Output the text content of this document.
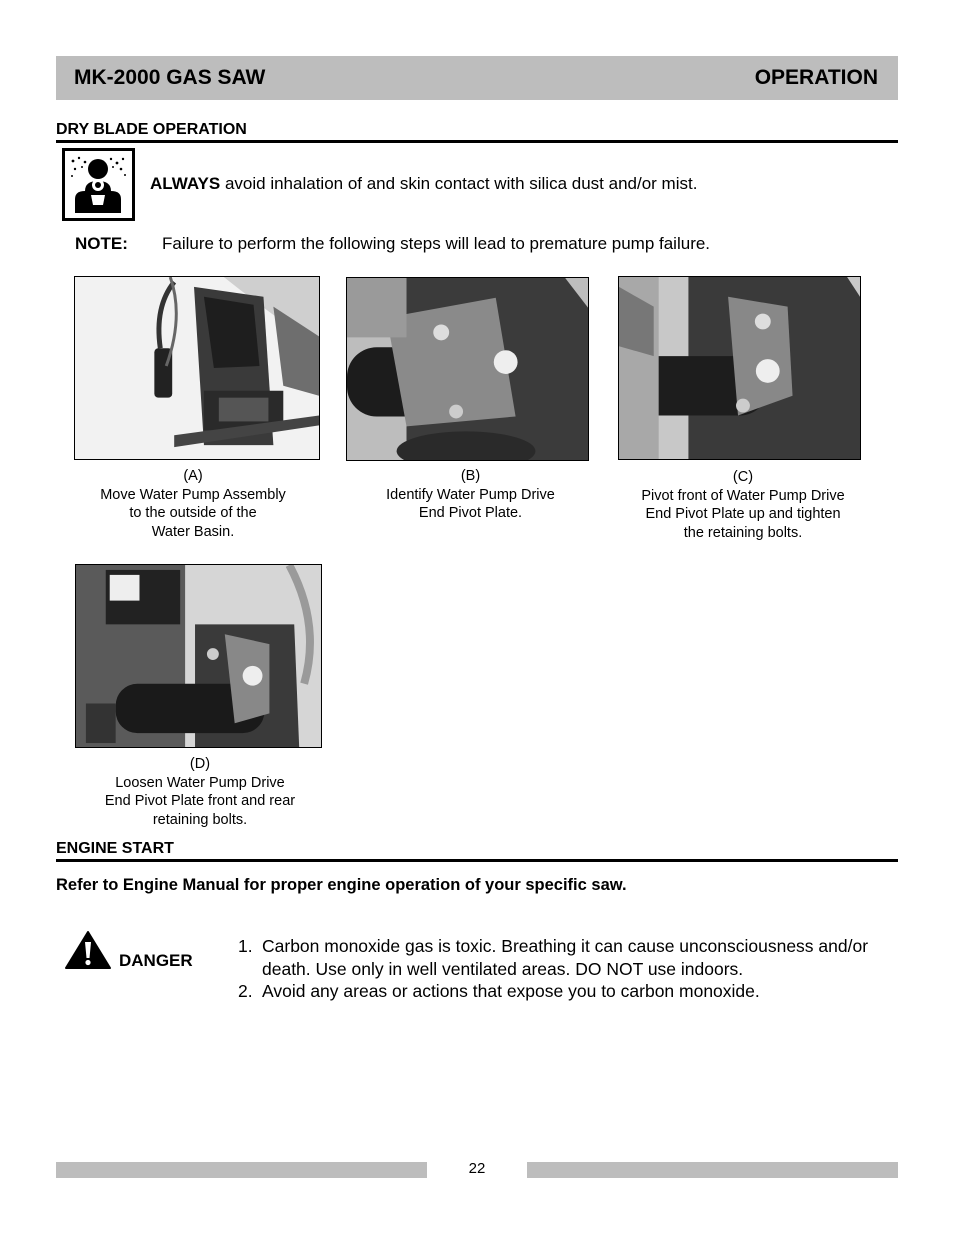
MK-2000 GAS SAW	OPERATION
DRY BLADE OPERATION
ALWAYS avoid inhalation of and skin contact with silica dust and/or mist.
NOTE: Failure to perform the following steps will lead to premature pump failure.
(A)
Move Water Pump Assembly
to the outside of the
Water Basin.
(B)
Identify Water Pump Drive
End Pivot Plate.
(C)
Pivot front of Water Pump Drive
End Pivot Plate up and tighten
the retaining bolts.
(D)
Loosen Water Pump Drive
End Pivot Plate front and rear
retaining bolts.
ENGINE START
Refer to Engine Manual for proper engine operation of your specific saw.
DANGER
1. Carbon monoxide gas is toxic. Breathing it can cause unconsciousness and/or death. Use only in well ventilated areas. DO NOT use indoors.
2. Avoid any areas or actions that expose you to carbon monoxide.
22
